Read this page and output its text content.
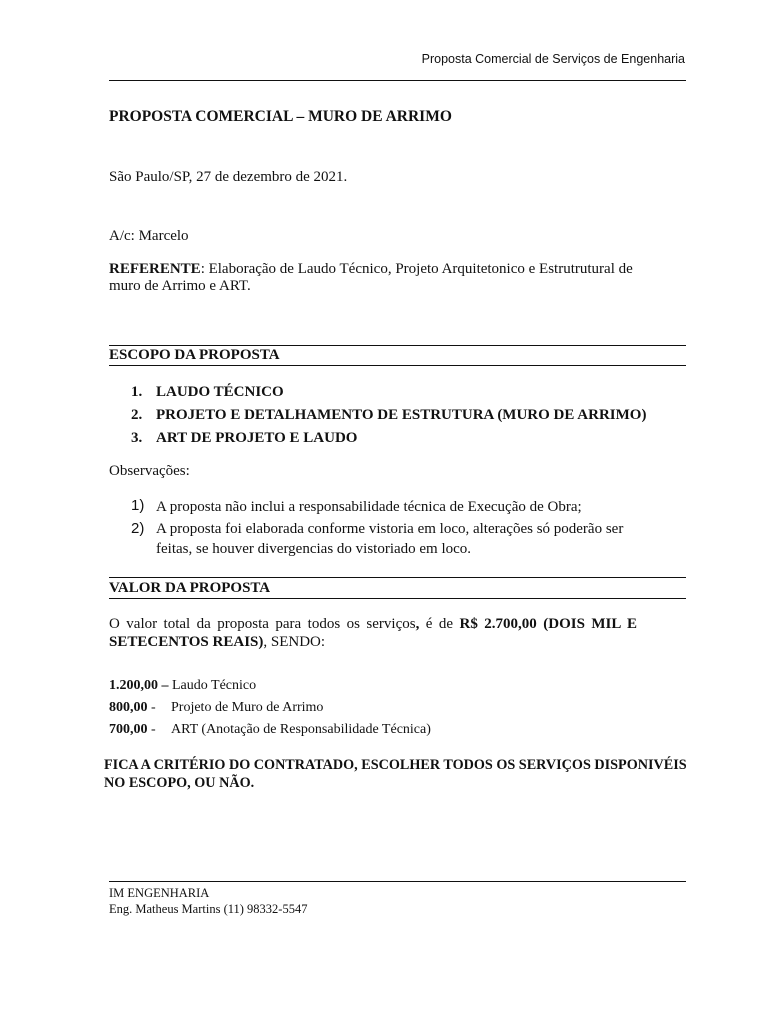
Proposta Comercial de Serviços de Engenharia
PROPOSTA COMERCIAL – MURO DE ARRIMO
São Paulo/SP, 27 de dezembro de 2021.
A/c: Marcelo
REFERENTE: Elaboração de Laudo Técnico, Projeto Arquitetonico e Estrutrutural de
muro de Arrimo e ART.
ESCOPO DA PROPOSTA
1. LAUDO TÉCNICO
2. PROJETO E DETALHAMENTO DE ESTRUTURA (MURO DE ARRIMO)
3. ART DE PROJETO E LAUDO
Observações:
1) A proposta não inclui a responsabilidade técnica de Execução de Obra;
2) A proposta foi elaborada conforme vistoria em loco, alterações só poderão ser
feitas, se houver divergencias do vistoriado em loco.
VALOR DA PROPOSTA
O valor total da proposta para todos os serviços, é de R$ 2.700,00 (DOIS MIL E
SETECENTOS REAIS), SENDO:
1.200,00 – Laudo Técnico
800,00 - Projeto de Muro de Arrimo
700,00 - ART (Anotação de Responsabilidade Técnica)
FICA A CRITÉRIO DO CONTRATADO, ESCOLHER TODOS OS SERVIÇOS DISPONIVÉIS
NO ESCOPO, OU NÃO.
IM ENGENHARIA
Eng. Matheus Martins (11) 98332-5547
